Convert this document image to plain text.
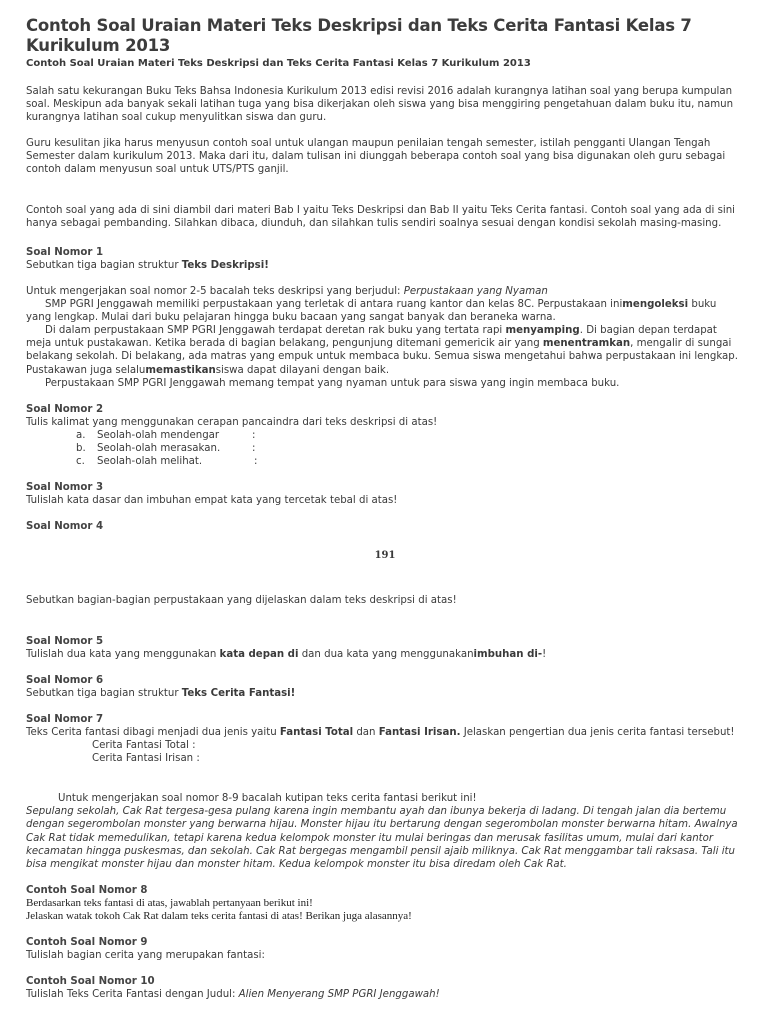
Contoh Soal Uraian Materi Teks Deskripsi dan Teks Cerita Fantasi Kelas 7 Kurikulum 2013
Contoh Soal Uraian Materi Teks Deskripsi dan Teks Cerita Fantasi Kelas 7 Kurikulum 2013

Salah satu kekurangan Buku Teks Bahsa Indonesia Kurikulum 2013 edisi revisi 2016 adalah kurangnya latihan soal yang berupa kumpulan soal. Meskipun ada banyak sekali latihan tuga yang bisa dikerjakan oleh siswa yang bisa menggiring pengetahuan dalam buku itu, namun kurangnya latihan soal cukup menyulitkan siswa dan guru.

Guru kesulitan jika harus menyusun contoh soal untuk ulangan maupun penilaian tengah semester, istilah pengganti Ulangan Tengah Semester dalam kurikulum 2013. Maka dari itu, dalam tulisan ini diunggah beberapa contoh soal yang bisa digunakan oleh guru sebagai contoh dalam menyusun soal untuk UTS/PTS ganjil.

Contoh soal yang ada di sini diambil dari materi Bab I yaitu Teks Deskripsi dan Bab II yaitu Teks Cerita fantasi. Contoh soal yang ada di sini hanya sebagai pembanding. Silahkan dibaca, diunduh, dan silahkan tulis sendiri soalnya sesuai dengan kondisi sekolah masing-masing.

Soal Nomor 1

Sebutkan tiga bagian struktur Teks Deskripsi!

Untuk mengerjakan soal nomor 2-5 bacalah teks deskripsi yang berjudul: Perpustakaan yang Nyaman

SMP PGRI Jenggawah memiliki perpustakaan yang terletak di antara ruang kantor dan kelas 8C. Perpustakaan inimengoleksi buku yang lengkap. Mulai dari buku pelajaran hingga buku bacaan yang sangat banyak dan beraneka warna.

Di dalam perpustakaan SMP PGRI Jenggawah terdapat deretan rak buku yang tertata rapi menyamping. Di bagian depan terdapat meja untuk pustakawan. Ketika berada di bagian belakang, pengunjung ditemani gemericik air yang menentramkan, mengalir di sungai belakang sekolah. Di belakang, ada matras yang empuk untuk membaca buku. Semua siswa mengetahui bahwa perpustakaan ini lengkap. Pustakawan juga selalumemastikansiswa dapat dilayani dengan baik.

Perpustakaan SMP PGRI Jenggawah memang tempat yang nyaman untuk para siswa yang ingin membaca buku.

Soal Nomor 2

Tulis kalimat yang menggunakan cerapan pancaindra dari teks deskripsi di atas!

a.	Seolah-olah mendengar	:
b.	Seolah-olah merasakan.	:
c.	Seolah-olah melihat.	:
Soal Nomor 3

Tulislah kata dasar dan imbuhan empat kata yang tercetak tebal di atas!

Soal Nomor 4
191

Sebutkan bagian-bagian perpustakaan yang dijelaskan dalam teks deskripsi di atas!

Soal Nomor 5

Tulislah dua kata yang menggunakan kata depan di dan dua kata yang menggunakanimbuhan di-!

Soal Nomor 6

Sebutkan tiga bagian struktur Teks Cerita Fantasi!

Soal Nomor 7

Teks Cerita fantasi dibagi menjadi dua jenis yaitu Fantasi Total dan Fantasi Irisan. Jelaskan pengertian dua jenis cerita fantasi tersebut!

Cerita Fantasi Total :
Cerita Fantasi Irisan :

Untuk mengerjakan soal nomor 8-9 bacalah kutipan teks cerita fantasi berikut ini!

Sepulang sekolah, Cak Rat tergesa-gesa pulang karena ingin membantu ayah dan ibunya bekerja di ladang. Di tengah jalan dia bertemu dengan segerombolan monster yang berwarna hijau. Monster hijau itu bertarung dengan segerombolan monster berwarna hitam. Awalnya Cak Rat tidak memedulikan, tetapi karena kedua kelompok monster itu mulai beringas dan merusak fasilitas umum, mulai dari kantor kecamatan hingga puskesmas, dan sekolah. Cak Rat bergegas mengambil pensil ajaib miliknya. Cak Rat menggambar tali raksasa. Tali itu bisa mengikat monster hijau dan monster hitam. Kedua kelompok monster itu bisa diredam oleh Cak Rat.

Contoh Soal Nomor 8

Berdasarkan teks fantasi di atas, jawablah pertanyaan berikut ini!

Jelaskan watak tokoh Cak Rat dalam teks cerita fantasi di atas! Berikan juga alasannya!

Contoh Soal Nomor 9

Tulislah bagian cerita yang merupakan fantasi:

Contoh Soal Nomor 10

Tulislah Teks Cerita Fantasi dengan Judul: Alien Menyerang SMP PGRI Jenggawah!
